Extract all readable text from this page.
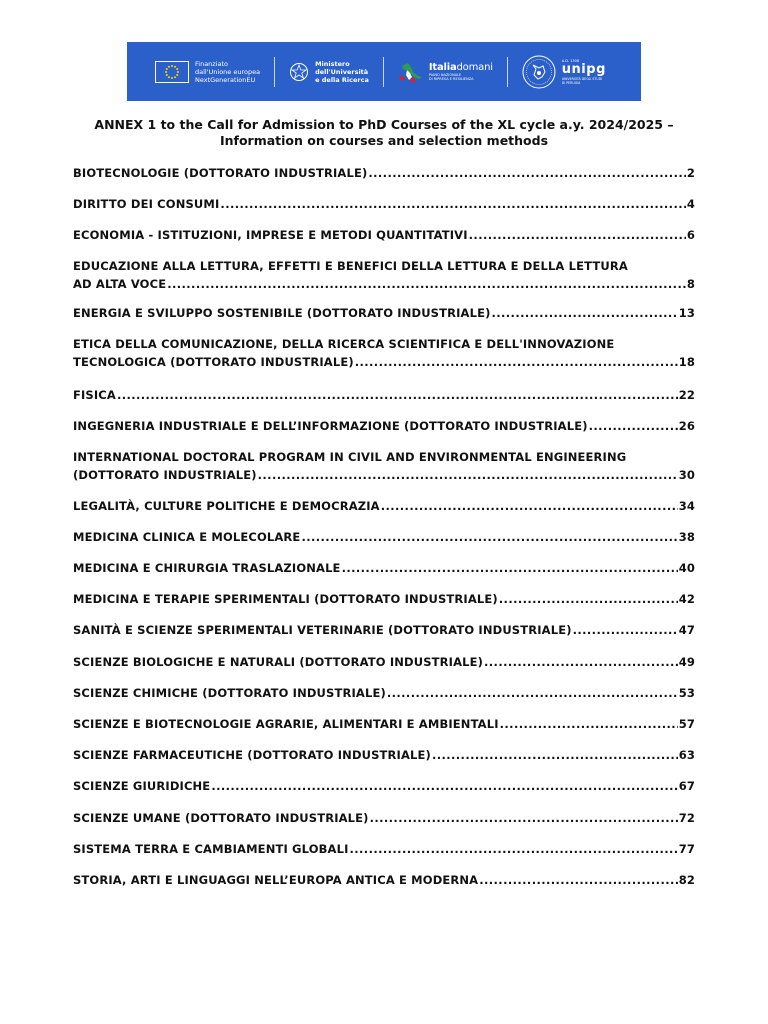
Finanziato
dall'Unione europea
NextGenerationEU
Ministero
dell'Università
e della Ricerca
Italiadomani
PIANO NAZIONALE
DI RIPRESA E RESILIENZA
A.D. 1308
unipg
UNIVERSITÀ DEGLI STUDI
DI PERUGIA
ANNEX 1 to the Call for Admission to PhD Courses of the XL cycle a.y. 2024/2025 –
Information on courses and selection methods
BIOTECNOLOGIE (DOTTORATO INDUSTRIALE) .....	2
DIRITTO DEI CONSUMI .....	4
ECONOMIA - ISTITUZIONI, IMPRESE E METODI QUANTITATIVI .....	6
EDUCAZIONE ALLA LETTURA, EFFETTI E BENEFICI DELLA LETTURA E DELLA LETTURA
AD ALTA VOCE .....	8
ENERGIA E SVILUPPO SOSTENIBILE (DOTTORATO INDUSTRIALE) .....	13
ETICA DELLA COMUNICAZIONE, DELLA RICERCA SCIENTIFICA E DELL'INNOVAZIONE
TECNOLOGICA (DOTTORATO INDUSTRIALE) .....	18
FISICA .....	22
INGEGNERIA INDUSTRIALE E DELL’INFORMAZIONE (DOTTORATO INDUSTRIALE) .....	26
INTERNATIONAL DOCTORAL PROGRAM IN CIVIL AND ENVIRONMENTAL ENGINEERING
(DOTTORATO INDUSTRIALE) .....	30
LEGALITÀ, CULTURE POLITICHE E DEMOCRAZIA .....	34
MEDICINA CLINICA E MOLECOLARE .....	38
MEDICINA E CHIRURGIA TRASLAZIONALE .....	40
MEDICINA E TERAPIE SPERIMENTALI (DOTTORATO INDUSTRIALE) .....	42
SANITÀ E SCIENZE SPERIMENTALI VETERINARIE (DOTTORATO INDUSTRIALE) .....	47
SCIENZE BIOLOGICHE E NATURALI (DOTTORATO INDUSTRIALE) .....	49
SCIENZE CHIMICHE (DOTTORATO INDUSTRIALE) .....	53
SCIENZE E BIOTECNOLOGIE AGRARIE, ALIMENTARI E AMBIENTALI .....	57
SCIENZE FARMACEUTICHE (DOTTORATO INDUSTRIALE) .....	63
SCIENZE GIURIDICHE .....	67
SCIENZE UMANE (DOTTORATO INDUSTRIALE) .....	72
SISTEMA TERRA E CAMBIAMENTI GLOBALI .....	77
STORIA, ARTI E LINGUAGGI NELL’EUROPA ANTICA E MODERNA .....	82
